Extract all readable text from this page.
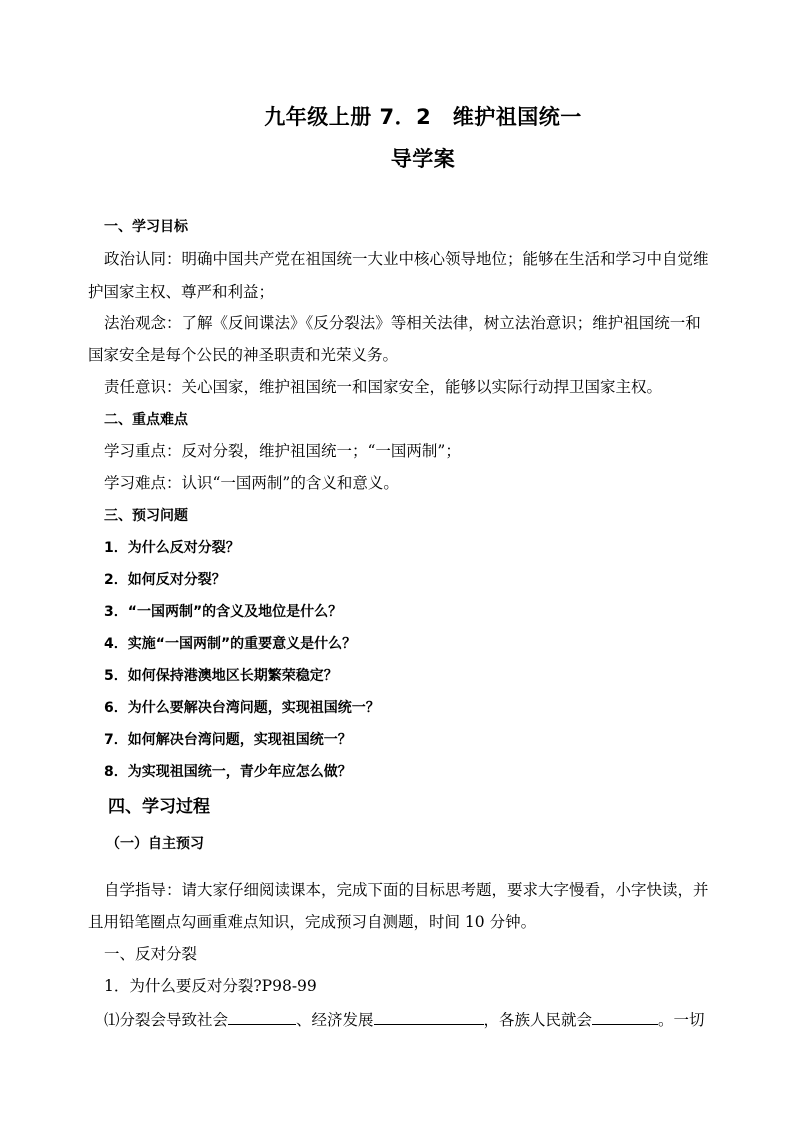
九年级上册 7．2　维护祖国统一
导学案

一、学习目标

政治认同：明确中国共产党在祖国统一大业中核心领导地位；能够在生活和学习中自觉维

护国家主权、尊严和利益；

法治观念：了解《反间谍法》《反分裂法》等相关法律，树立法治意识；维护祖国统一和

国家安全是每个公民的神圣职责和光荣义务。

责任意识：关心国家，维护祖国统一和国家安全，能够以实际行动捍卫国家主权。

二、重点难点

学习重点：反对分裂，维护祖国统一；“一国两制”；

学习难点：认识“一国两制”的含义和意义。

三、预习问题

1．为什么反对分裂？

2．如何反对分裂？

3．“一国两制”的含义及地位是什么？

4．实施“一国两制”的重要意义是什么？

5．如何保持港澳地区长期繁荣稳定？

6．为什么要解决台湾问题，实现祖国统一？

7．如何解决台湾问题，实现祖国统一？

8．为实现祖国统一，青少年应怎么做？

四、学习过程

（一）自主预习

自学指导：请大家仔细阅读课本，完成下面的目标思考题，要求大字慢看，小字快读，并

且用铅笔圈点勾画重难点知识，完成预习自测题，时间 10 分钟。

一、反对分裂

1．为什么要反对分裂?P98-99

⑴分裂会导致社会	、经济发展	，各族人民就会	。一切
